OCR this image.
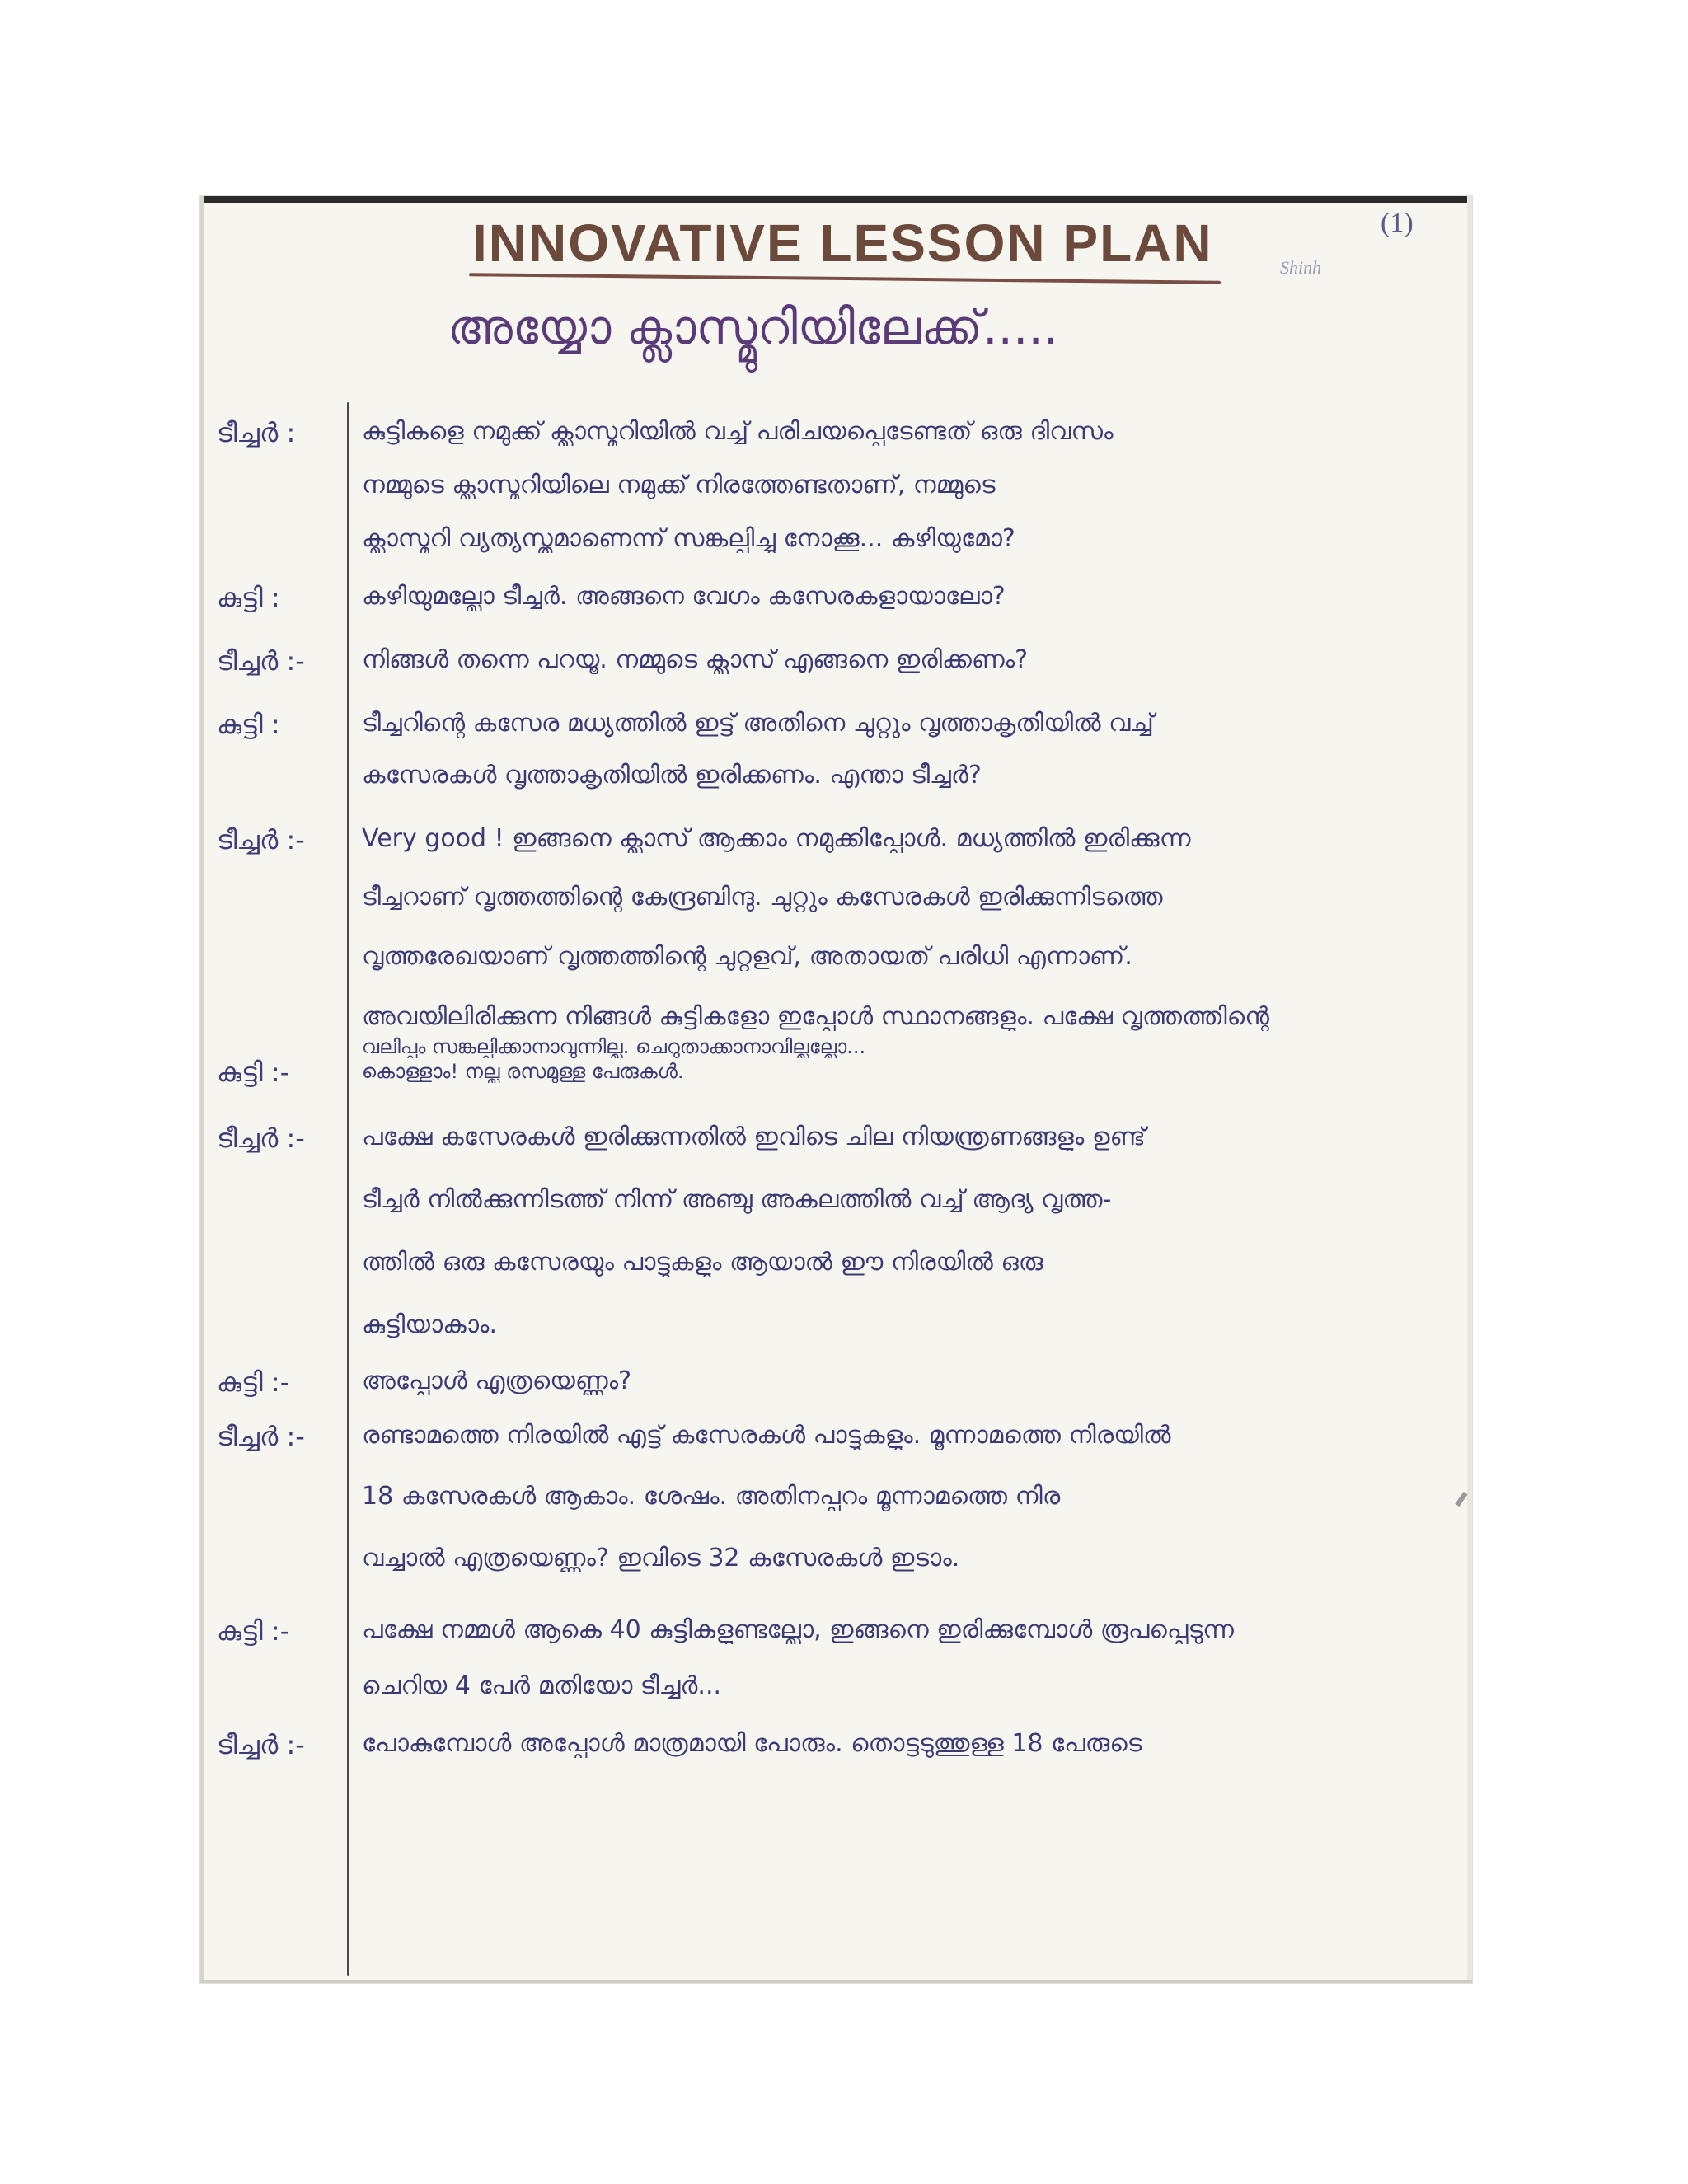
INNOVATIVE LESSON PLAN	(1)
Shinh
അയ്യോ ക്ലാസ്മുറിയിലേക്ക്.....
ടീച്ചർ :	കുട്ടികളെ നമുക്ക് ക്ലാസ്മുറിയിൽ വച്ച് പരിചയപ്പെടേണ്ടത് ഒരു ദിവസം
നമ്മുടെ ക്ലാസ്മുറിയിലെ നമുക്ക് നിരത്തേണ്ടതാണ്, നമ്മുടെ
ക്ലാസ്മുറി വ്യത്യസ്തമാണെന്ന് സങ്കല്പിച്ചു നോക്കൂ... കഴിയുമോ?
കുട്ടി :	കഴിയുമല്ലോ ടീച്ചർ. അങ്ങനെ വേഗം കസേരകളായാലോ?
ടീച്ചർ :-	നിങ്ങൾ തന്നെ പറയൂ. നമ്മുടെ ക്ലാസ് എങ്ങനെ ഇരിക്കണം?
കുട്ടി :	ടീച്ചറിന്റെ കസേര മധ്യത്തിൽ ഇട്ട് അതിനെ ചുറ്റും വൃത്താകൃതിയിൽ വച്ച്
കസേരകൾ വൃത്താകൃതിയിൽ ഇരിക്കണം. എന്താ ടീച്ചർ?
ടീച്ചർ :-	Very good ! ഇങ്ങനെ ക്ലാസ് ആക്കാം നമുക്കിപ്പോൾ. മധ്യത്തിൽ ഇരിക്കുന്ന
ടീച്ചറാണ് വൃത്തത്തിന്റെ കേന്ദ്രബിന്ദു. ചുറ്റും കസേരകൾ ഇരിക്കുന്നിടത്തെ
വൃത്തരേഖയാണ് വൃത്തത്തിന്റെ ചുറ്റളവ്, അതായത് പരിധി എന്നാണ്.
അവയിലിരിക്കുന്ന നിങ്ങൾ കുട്ടികളോ ഇപ്പോൾ സ്ഥാനങ്ങളും. പക്ഷേ വൃത്തത്തിന്റെ
വലിപ്പം സങ്കല്പിക്കാനാവുന്നില്ല. ചെറുതാക്കാനാവില്ലല്ലോ...
കുട്ടി :-	കൊള്ളാം! നല്ല രസമുള്ള പേരുകൾ.
ടീച്ചർ :-	പക്ഷേ കസേരകൾ ഇരിക്കുന്നതിൽ ഇവിടെ ചില നിയന്ത്രണങ്ങളും ഉണ്ട്
ടീച്ചർ നിൽക്കുന്നിടത്ത് നിന്ന് അഞ്ചു അകലത്തിൽ വച്ച് ആദ്യ വൃത്ത-
ത്തിൽ ഒരു കസേരയും പാട്ടുകളും ആയാൽ ഈ നിരയിൽ ഒരു
കുട്ടിയാകാം.
കുട്ടി :-	അപ്പോൾ എത്രയെണ്ണം?
ടീച്ചർ :-	രണ്ടാമത്തെ നിരയിൽ എട്ട് കസേരകൾ പാട്ടുകളും. മൂന്നാമത്തെ നിരയിൽ
18 കസേരകൾ ആകാം. ശേഷം. അതിനപ്പുറം മൂന്നാമത്തെ നിര
വച്ചാൽ എത്രയെണ്ണം? ഇവിടെ 32 കസേരകൾ ഇടാം.
കുട്ടി :-	പക്ഷേ നമ്മൾ ആകെ 40 കുട്ടികളുണ്ടല്ലോ, ഇങ്ങനെ ഇരിക്കുമ്പോൾ രൂപപ്പെടുന്ന
ചെറിയ 4 പേർ മതിയോ ടീച്ചർ...
ടീച്ചർ :-	പോകുമ്പോൾ അപ്പോൾ മാത്രമായി പോരും. തൊട്ടടുത്തുള്ള 18 പേരുടെ
